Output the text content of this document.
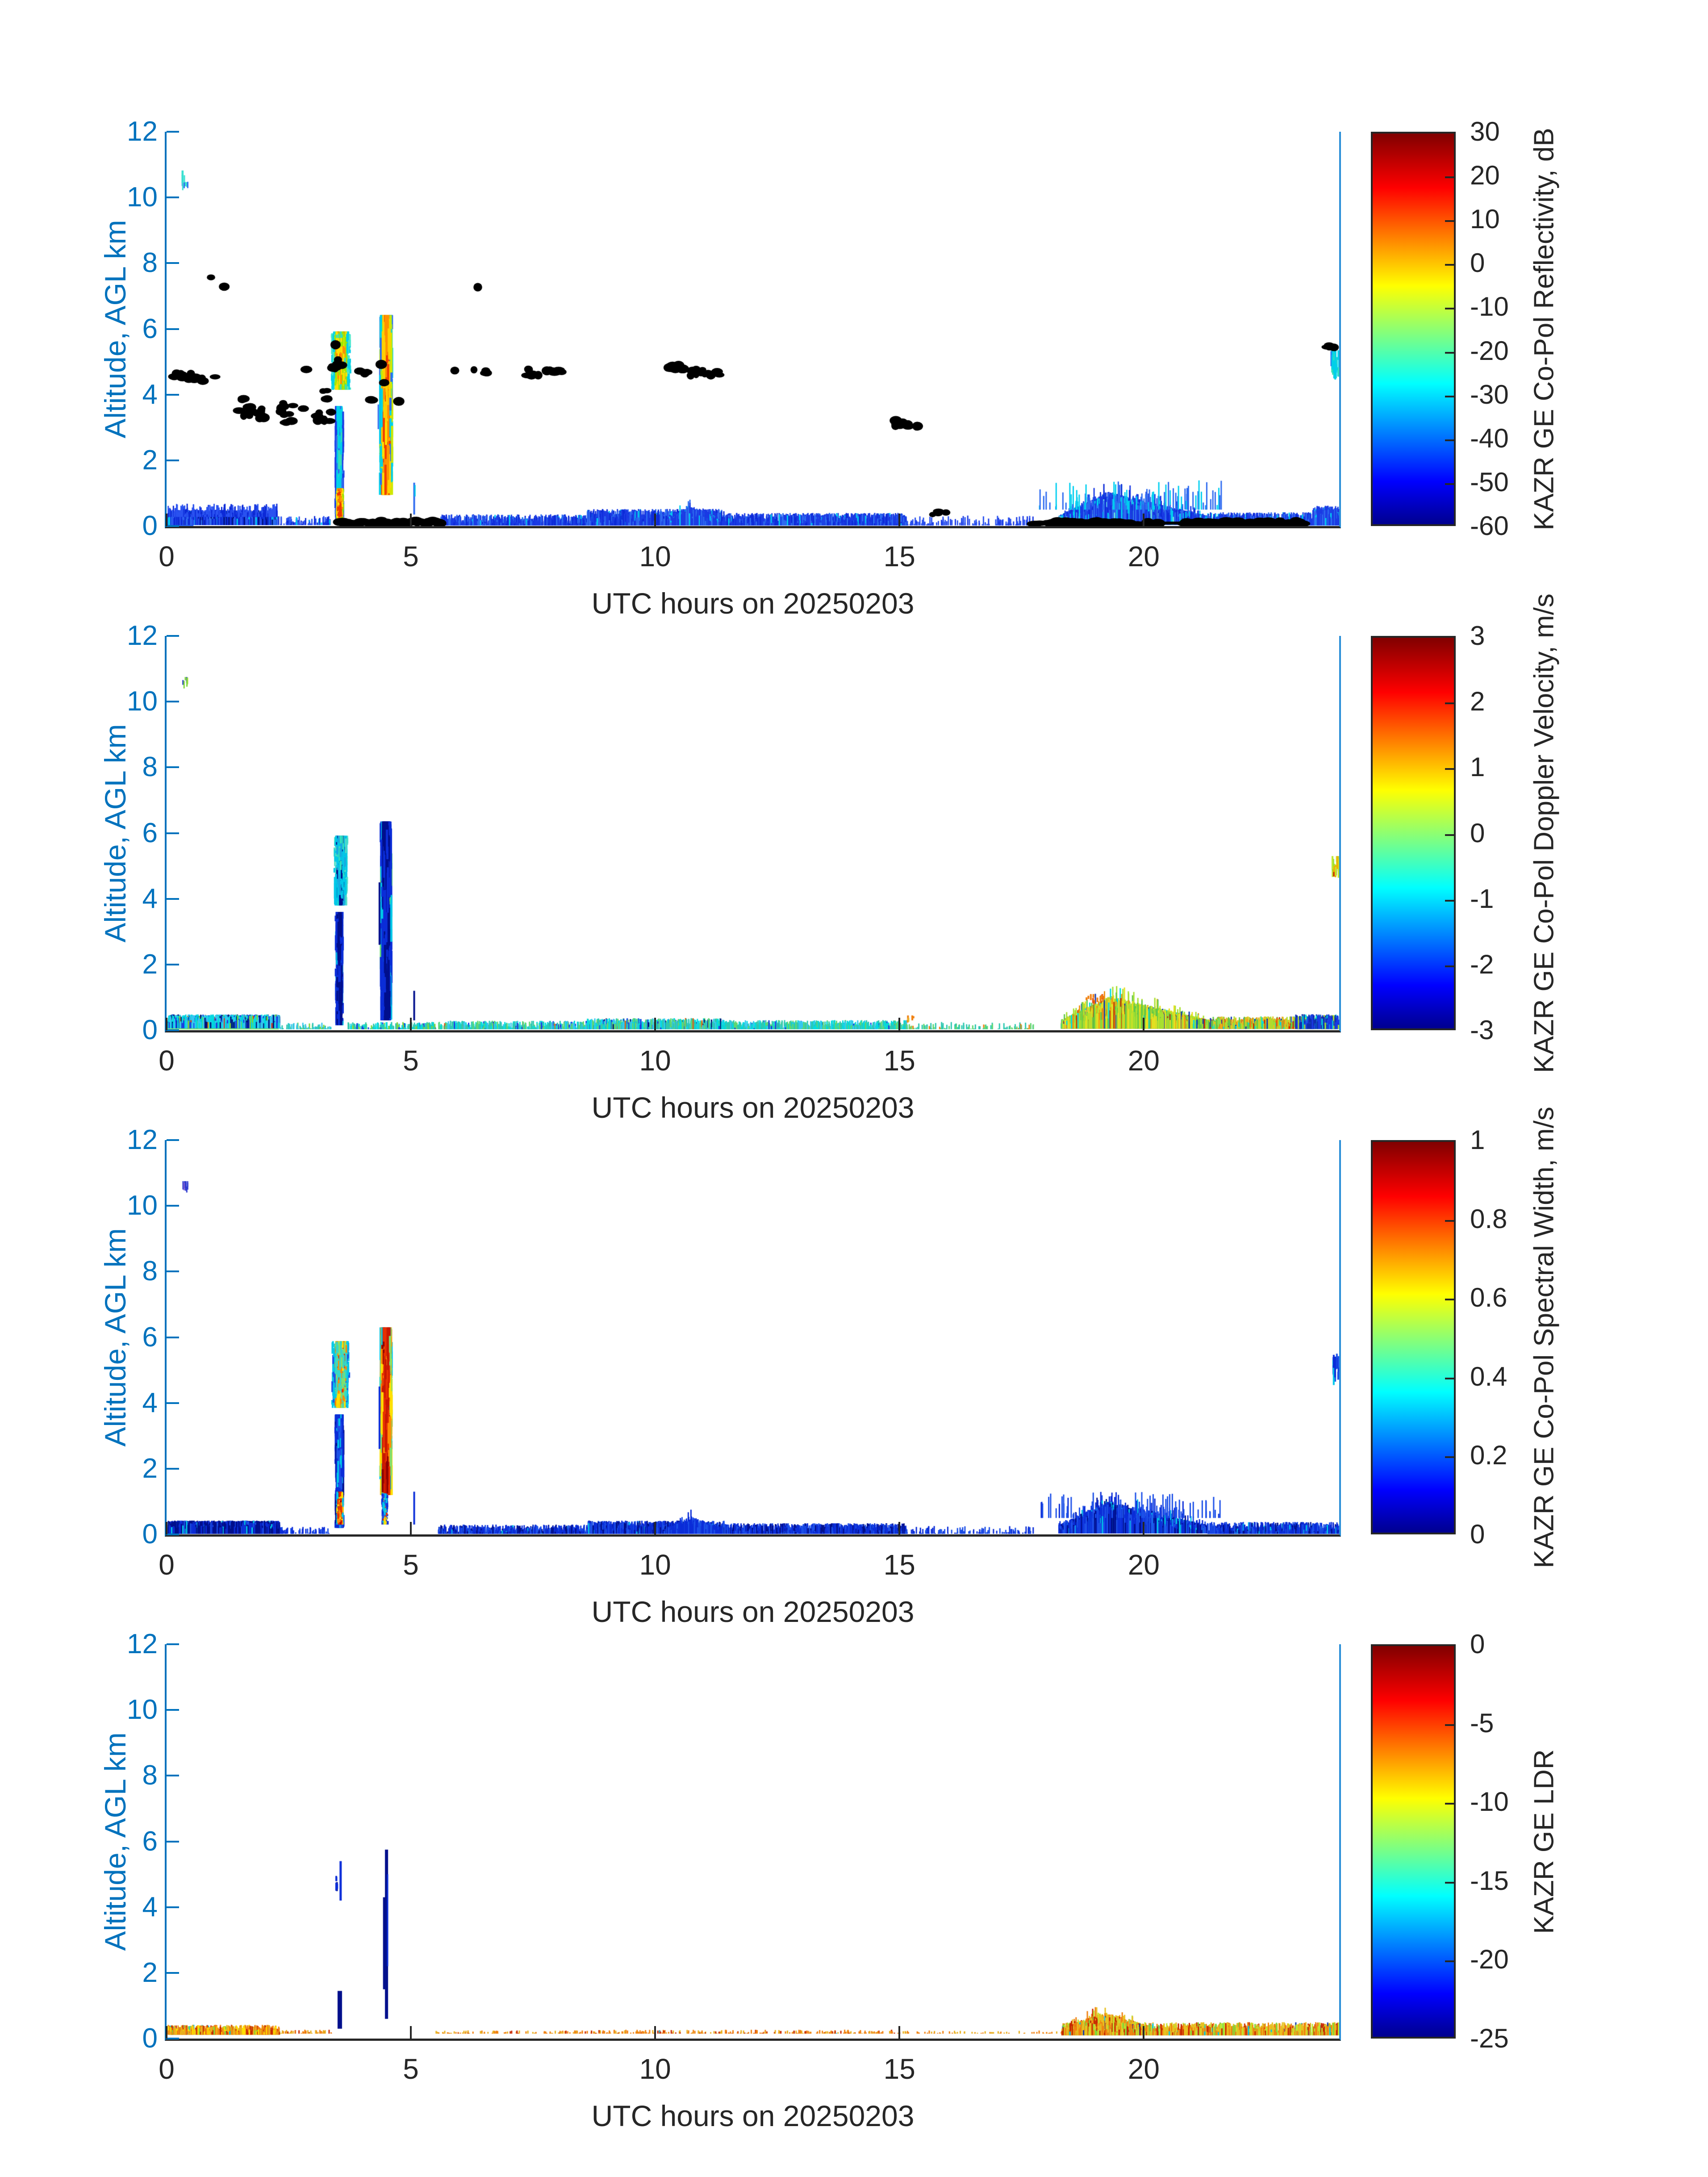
Altitude, AGL km
UTC hours on 20250203
KAZR GE Co-Pol Reflectivity, dB
0
2
4
6
8
10
12
0	5	10	15	20
30
20
10
0
-10
-20
-30
-40
-50
-60
Altitude, AGL km
UTC hours on 20250203
KAZR GE Co-Pol Doppler Velocity, m/s
0
2
4
6
8
10
12
0	5	10	15	20
3
2
1
0
-1
-2
-3
Altitude, AGL km
UTC hours on 20250203
KAZR GE Co-Pol Spectral Width, m/s
0
2
4
6
8
10
12
0	5	10	15	20
1
0.8
0.6
0.4
0.2
0
Altitude, AGL km
UTC hours on 20250203
KAZR GE LDR
0
2
4
6
8
10
12
0	5	10	15	20
0
-5
-10
-15
-20
-25
